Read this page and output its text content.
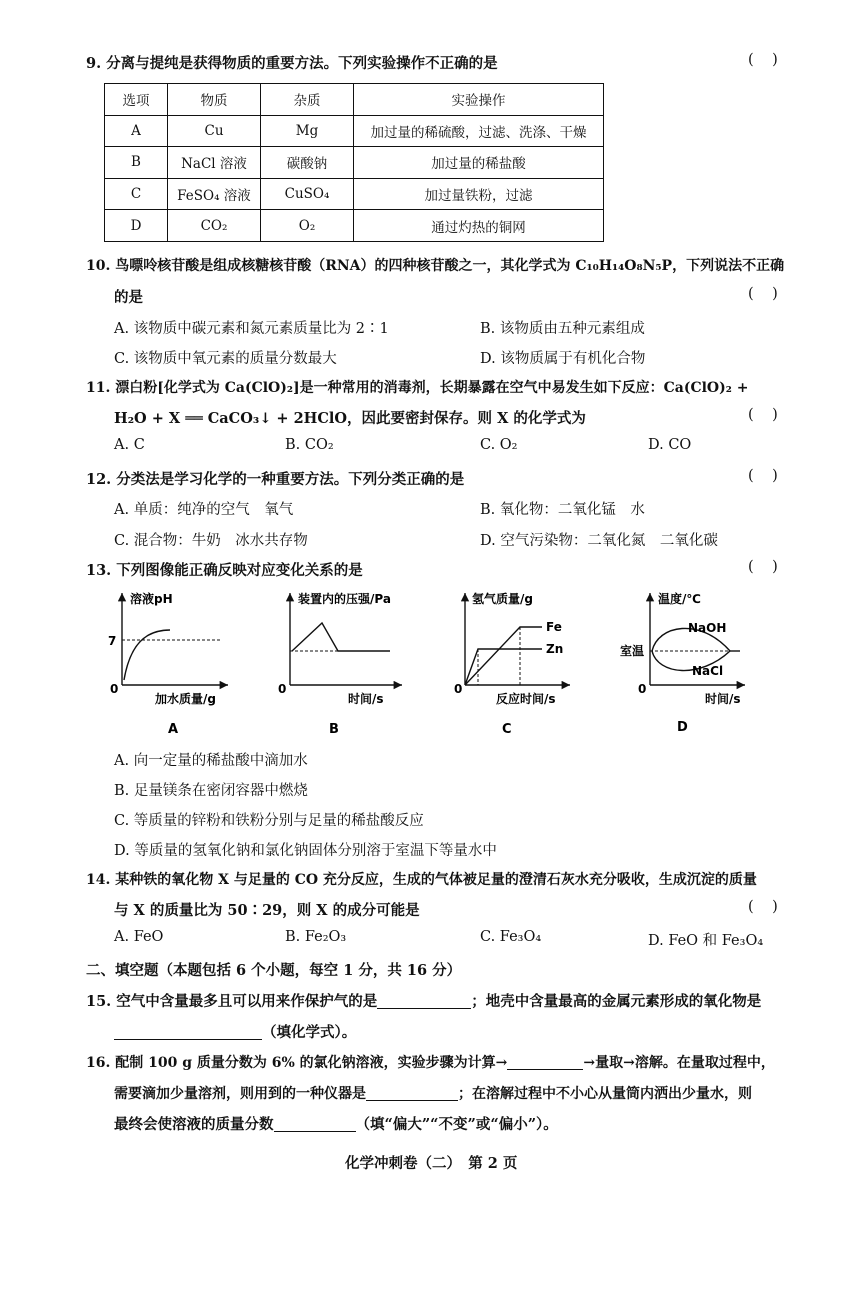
9. 分离与提纯是获得物质的重要方法。下列实验操作不正确的是	(    )
选项	物质	杂质	实验操作
A	Cu	Mg	加过量的稀硫酸，过滤、洗涤、干燥
B	NaCl 溶液	碳酸钠	加过量的稀盐酸
C	FeSO₄ 溶液	CuSO₄	加过量铁粉，过滤
D	CO₂	O₂	通过灼热的铜网
10. 鸟嘌呤核苷酸是组成核糖核苷酸（RNA）的四种核苷酸之一，其化学式为 C₁₀H₁₄O₈N₅P，下列说法不正确
的是	(    )
A. 该物质中碳元素和氮元素质量比为 2∶1	B. 该物质由五种元素组成
C. 该物质中氧元素的质量分数最大	D. 该物质属于有机化合物
11. 漂白粉[化学式为 Ca(ClO)₂]是一种常用的消毒剂，长期暴露在空气中易发生如下反应：Ca(ClO)₂ +
H₂O + X ══ CaCO₃↓ + 2HClO，因此要密封保存。则 X 的化学式为	(    )
A. C	B. CO₂	C. O₂	D. CO
12. 分类法是学习化学的一种重要方法。下列分类正确的是	(    )
A. 单质：纯净的空气　氧气	B. 氧化物：二氧化锰　水
C. 混合物：牛奶　冰水共存物	D. 空气污染物：二氧化氮　二氧化碳
13. 下列图像能正确反映对应变化关系的是	(    )
溶液pH
7
0
加水质量/g
A
装置内的压强/Pa
0
时间/s
B
氢气质量/g
Fe
Zn
0
反应时间/s
C
温度/℃
NaOH
室温
NaCl
0
时间/s
D
A. 向一定量的稀盐酸中滴加水
B. 足量镁条在密闭容器中燃烧
C. 等质量的锌粉和铁粉分别与足量的稀盐酸反应
D. 等质量的氢氧化钠和氯化钠固体分别溶于室温下等量水中
14. 某种铁的氧化物 X 与足量的 CO 充分反应，生成的气体被足量的澄清石灰水充分吸收，生成沉淀的质量
与 X 的质量比为 50∶29，则 X 的成分可能是	(    )
A. FeO	B. Fe₂O₃	C. Fe₃O₄	D. FeO 和 Fe₃O₄
二、填空题（本题包括 6 个小题，每空 1 分，共 16 分）
15. 空气中含量最多且可以用来作保护气的是	；地壳中含量最高的金属元素形成的氧化物是
（填化学式）。
16. 配制 100 g 质量分数为 6% 的氯化钠溶液，实验步骤为计算→	→量取→溶解。在量取过程中，
需要滴加少量溶剂，则用到的一种仪器是	；在溶解过程中不小心从量筒内洒出少量水，则
最终会使溶液的质量分数	（填“偏大”“不变”或“偏小”）。
化学冲刺卷（二）　第 2 页
